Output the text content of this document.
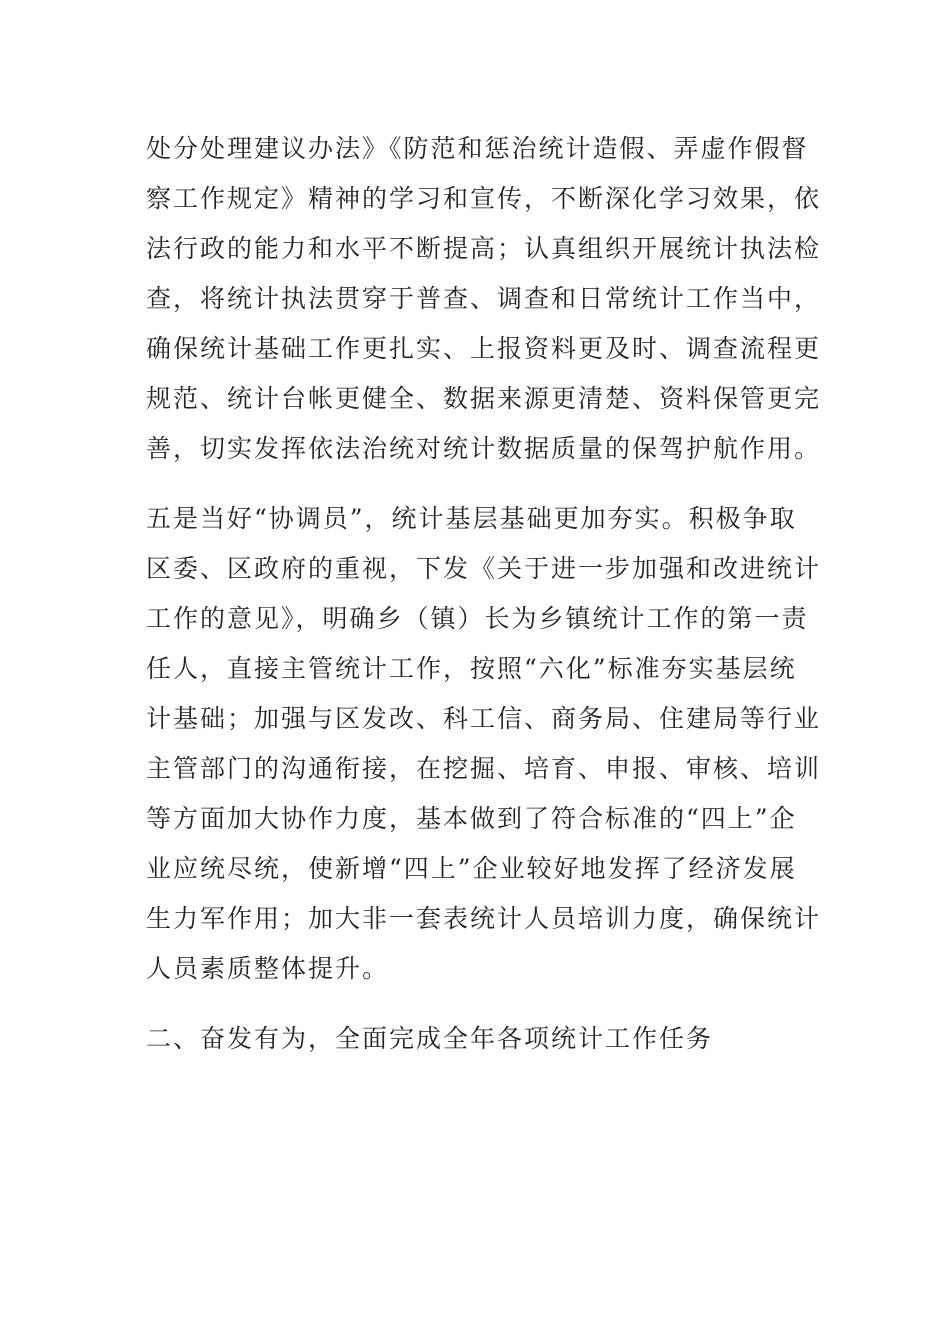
处分处理建议办法》《防范和惩治统计造假、弄虚作假督
察工作规定》精神的学习和宣传，不断深化学习效果，依
法行政的能力和水平不断提高；认真组织开展统计执法检
查，将统计执法贯穿于普查、调查和日常统计工作当中，
确保统计基础工作更扎实、上报资料更及时、调查流程更
规范、统计台帐更健全、数据来源更清楚、资料保管更完
善，切实发挥依法治统对统计数据质量的保驾护航作用。
五是当好“协调员”，统计基层基础更加夯实。积极争取
区委、区政府的重视，下发《关于进一步加强和改进统计
工作的意见》，明确乡（镇）长为乡镇统计工作的第一责
任人，直接主管统计工作，按照“六化”标准夯实基层统
计基础；加强与区发改、科工信、商务局、住建局等行业
主管部门的沟通衔接，在挖掘、培育、申报、审核、培训
等方面加大协作力度，基本做到了符合标准的“四上”企
业应统尽统，使新增“四上”企业较好地发挥了经济发展
生力军作用；加大非一套表统计人员培训力度，确保统计
人员素质整体提升。
二、奋发有为，全面完成全年各项统计工作任务
